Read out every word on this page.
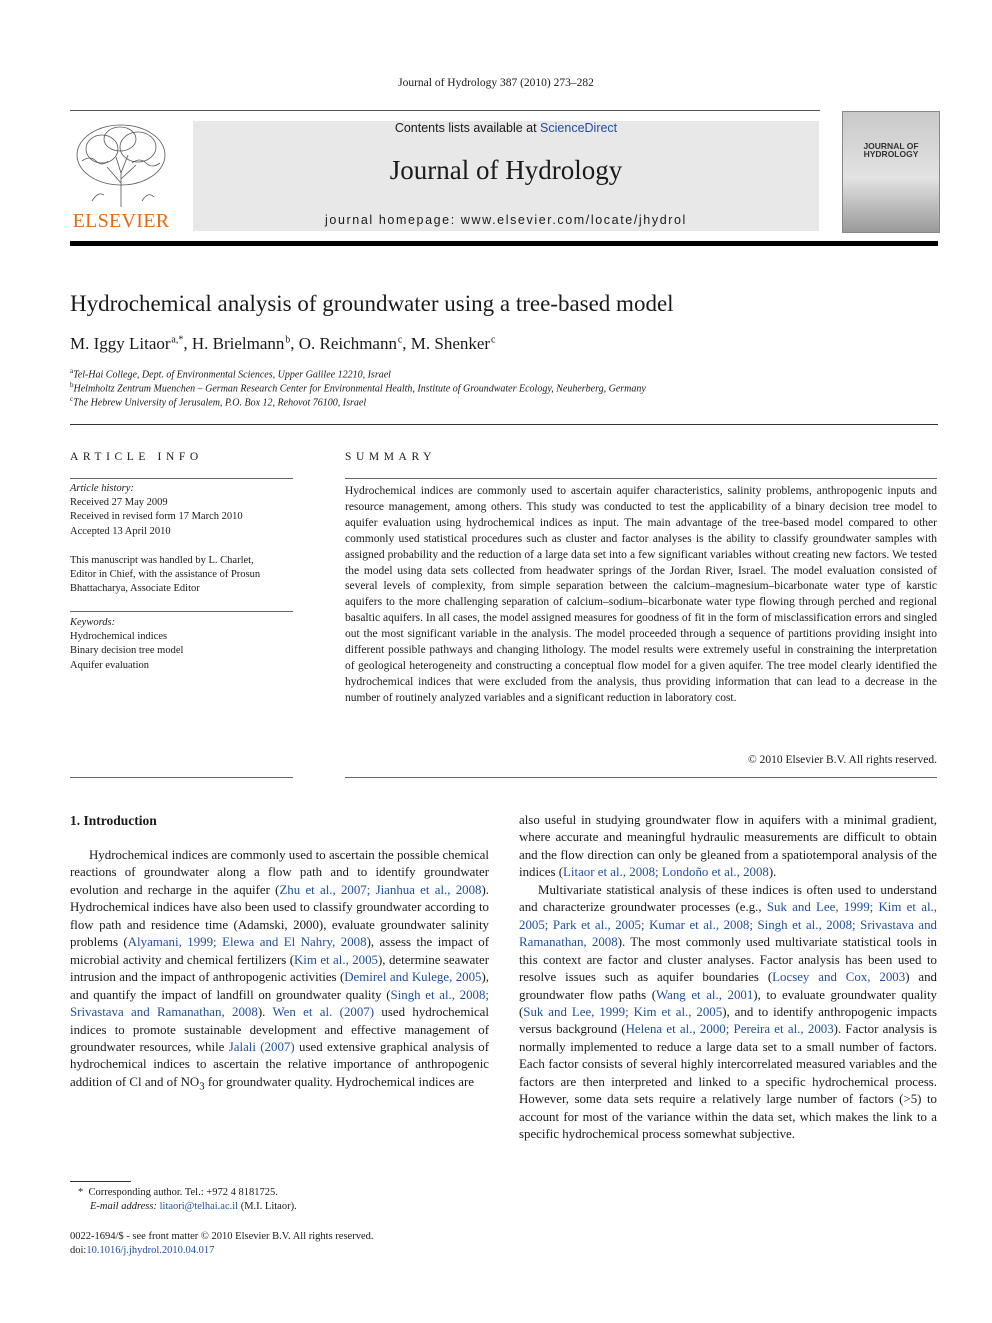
Journal of Hydrology 387 (2010) 273–282
ELSEVIER
Contents lists available at ScienceDirect
Journal of Hydrology
journal homepage: www.elsevier.com/locate/jhydrol
JOURNAL OF HYDROLOGY
Hydrochemical analysis of groundwater using a tree-based model
M. Iggy Litaor $^{a,*}$, H. Brielmann $^b$, O. Reichmann $^c$, M. Shenker $^c$
$^a$Tel-Hai College, Dept. of Environmental Sciences, Upper Galilee 12210, Israel
$^b$Helmholtz Zentrum Muenchen – German Research Center for Environmental Health, Institute of Groundwater Ecology, Neuherberg, Germany
$^c$The Hebrew University of Jerusalem, P.O. Box 12, Rehovot 76100, Israel
ARTICLE INFO
Article history:
Received 27 May 2009
Received in revised form 17 March 2010
Accepted 13 April 2010
This manuscript was handled by L. Charlet,
Editor in Chief, with the assistance of Prosun
Bhattacharya, Associate Editor
Keywords:
Hydrochemical indices
Binary decision tree model
Aquifer evaluation
SUMMARY
Hydrochemical indices are commonly used to ascertain aquifer characteristics, salinity problems, anthropogenic inputs and resource management, among others. This study was conducted to test the applicability of a binary decision tree model to aquifer evaluation using hydrochemical indices as input. The main advantage of the tree-based model compared to other commonly used statistical procedures such as cluster and factor analyses is the ability to classify groundwater samples with assigned probability and the reduction of a large data set into a few significant variables without creating new factors. We tested the model using data sets collected from headwater springs of the Jordan River, Israel. The model evaluation consisted of several levels of complexity, from simple separation between the calcium–magnesium–bicarbonate water type of karstic aquifers to the more challenging separation of calcium–sodium–bicarbonate water type flowing through perched and regional basaltic aquifers. In all cases, the model assigned measures for goodness of fit in the form of misclassification errors and singled out the most significant variable in the analysis. The model proceeded through a sequence of partitions providing insight into different possible pathways and changing lithology. The model results were extremely useful in constraining the interpretation of geological heterogeneity and constructing a conceptual flow model for a given aquifer. The tree model clearly identified the hydrochemical indices that were excluded from the analysis, thus providing information that can lead to a decrease in the number of routinely analyzed variables and a significant reduction in laboratory cost.
© 2010 Elsevier B.V. All rights reserved.
1. Introduction

Hydrochemical indices are commonly used to ascertain the possible chemical reactions of groundwater along a flow path and to identify groundwater evolution and recharge in the aquifer (Zhu et al., 2007; Jianhua et al., 2008). Hydrochemical indices have also been used to classify groundwater according to flow path and residence time (Adamski, 2000), evaluate groundwater salinity problems (Alyamani, 1999; Elewa and El Nahry, 2008), assess the impact of microbial activity and chemical fertilizers (Kim et al., 2005), determine seawater intrusion and the impact of anthropogenic activities (Demirel and Kulege, 2005), and quantify the impact of landfill on groundwater quality (Singh et al., 2008; Srivastava and Ramanathan, 2008). Wen et al. (2007) used hydrochemical indices to promote sustainable development and effective management of groundwater resources, while Jalali (2007) used extensive graphical analysis of hydrochemical indices to ascertain the relative importance of anthropogenic addition of Cl and of $NO_3$ for groundwater quality. Hydrochemical indices are

also useful in studying groundwater flow in aquifers with a minimal gradient, where accurate and meaningful hydraulic measurements are difficult to obtain and the flow direction can only be gleaned from a spatiotemporal analysis of the indices (Litaor et al., 2008; Londoño et al., 2008).

Multivariate statistical analysis of these indices is often used to understand and characterize groundwater processes (e.g., Suk and Lee, 1999; Kim et al., 2005; Park et al., 2005; Kumar et al., 2008; Singh et al., 2008; Srivastava and Ramanathan, 2008). The most commonly used multivariate statistical tools in this context are factor and cluster analyses. Factor analysis has been used to resolve issues such as aquifer boundaries (Locsey and Cox, 2003) and groundwater flow paths (Wang et al., 2001), to evaluate groundwater quality (Suk and Lee, 1999; Kim et al., 2005), and to identify anthropogenic impacts versus background (Helena et al., 2000; Pereira et al., 2003). Factor analysis is normally implemented to reduce a large data set to a small number of factors. Each factor consists of several highly intercorrelated measured variables and the factors are then interpreted and linked to a specific hydrochemical process. However, some data sets require a relatively large number of factors (>5) to account for most of the variance within the data set, which makes the link to a specific hydrochemical process somewhat subjective.

* Corresponding author. Tel.: +972 4 8181725.
E-mail address: litaori@telhai.ac.il (M.I. Litaor).
0022-1694/$ - see front matter © 2010 Elsevier B.V. All rights reserved.
doi:10.1016/j.jhydrol.2010.04.017
